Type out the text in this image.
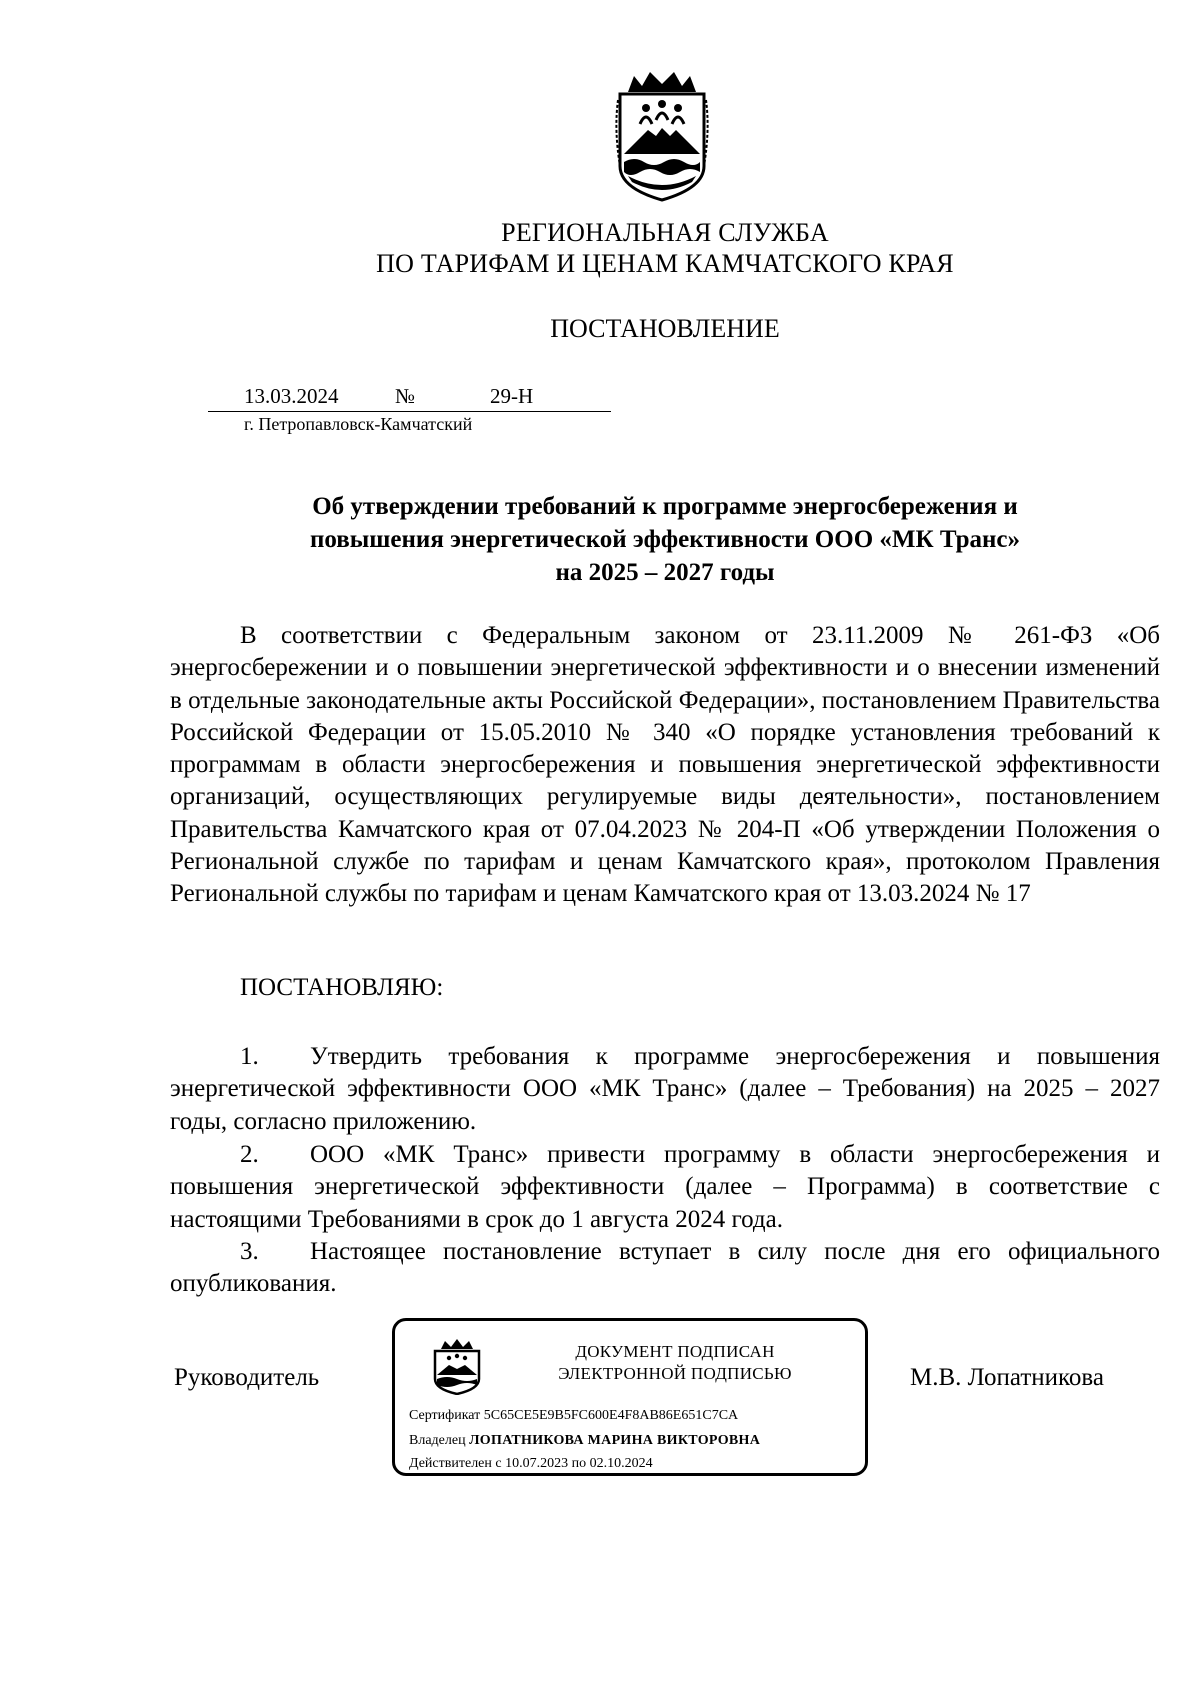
РЕГИОНАЛЬНАЯ СЛУЖБА
ПО ТАРИФАМ И ЦЕНАМ КАМЧАТСКОГО КРАЯ
ПОСТАНОВЛЕНИЕ
13.03.2024	№	29-Н
г. Петропавловск-Камчатский
Об утверждении требований к программе энергосбережения и
повышения энергетической эффективности ООО «МК Транс»
на 2025 – 2027 годы
В соответствии с Федеральным законом от 23.11.2009 № 261-ФЗ «Об энергосбережении и о повышении энергетической эффективности и о внесении изменений в отдельные законодательные акты Российской Федерации», постановлением Правительства Российской Федерации от 15.05.2010 № 340 «О порядке установления требований к программам в области энергосбережения и повышения энергетической эффективности организаций, осуществляющих регулируемые виды деятельности», постановлением Правительства Камчатского края от 07.04.2023 № 204-П «Об утверждении Положения о Региональной службе по тарифам и ценам Камчатского края», протоколом Правления Региональной службы по тарифам и ценам Камчатского края от 13.03.2024 № 17
ПОСТАНОВЛЯЮ:
1. Утвердить требования к программе энергосбережения и повышения энергетической эффективности ООО «МК Транс» (далее – Требования) на 2025 – 2027 годы, согласно приложению.
2. ООО «МК Транс» привести программу в области энергосбережения и повышения энергетической эффективности (далее – Программа) в соответствие с настоящими Требованиями в срок до 1 августа 2024 года.
3. Настоящее постановление вступает в силу после дня его официального опубликования.
Руководитель	М.В. Лопатникова
ДОКУМЕНТ ПОДПИСАН
ЭЛЕКТРОННОЙ ПОДПИСЬЮ
Сертификат 5C65CE5E9B5FC600E4F8AB86E651C7CA
Владелец ЛОПАТНИКОВА МАРИНА ВИКТОРОВНА
Действителен с 10.07.2023 по 02.10.2024
